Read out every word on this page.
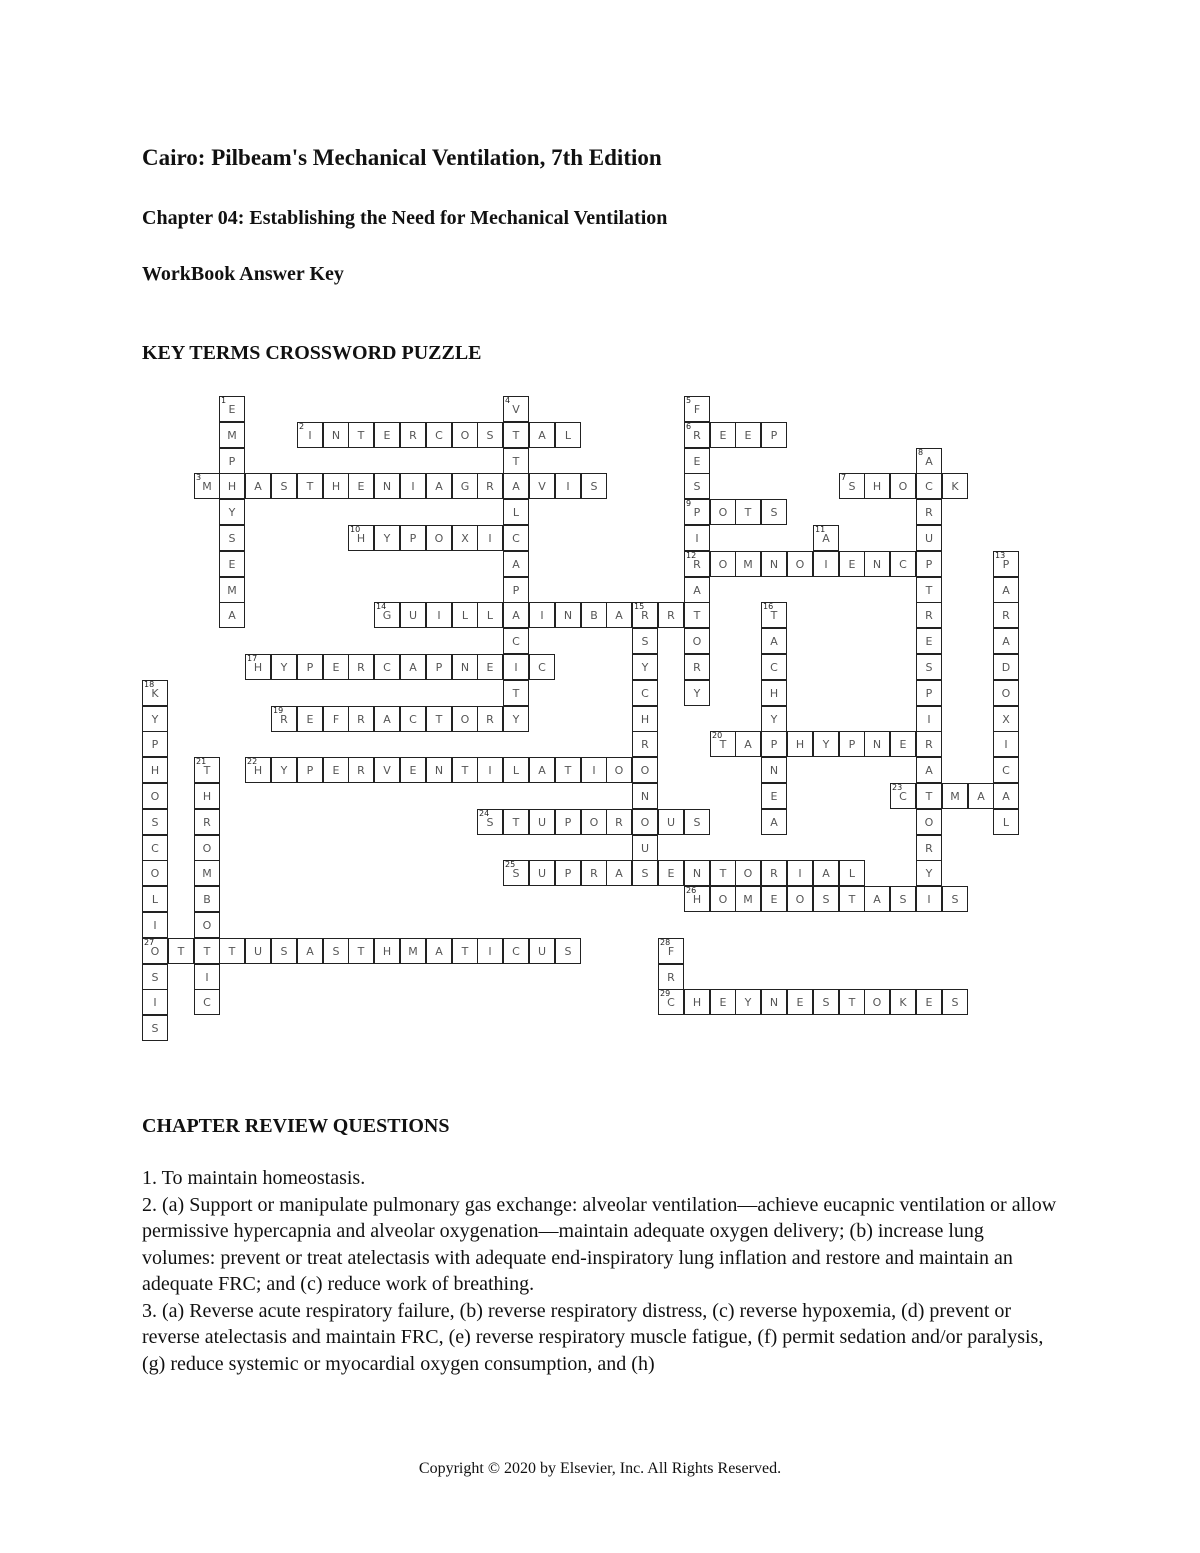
Cairo: Pilbeam's Mechanical Ventilation, 7th Edition
Chapter 04: Establishing the Need for Mechanical Ventilation
WorkBook Answer Key
KEY TERMS CROSSWORD PUZZLE
E
1
M
P
H
Y
S
E
M
A
I
2
N T E R C O S T A L
M
3
A S T H E N I A G R A V I S
V
4
T
L
C
A
P
A
C
I
T
Y
F
5
R
6
E
S
P
9
I
R
12
A
T
O
R
Y
E E P
S
7
H O C K
A
8
R
U
P
T
R
E
S
P
I
R
A
T
O
R
Y
O T S
H
10
Y P O X I	A
11
I
O M N O	E N C	P
13
A
R
A
D
O
X
I
C
A
L
G
14
U I L L	I N B A R
15
R
S
Y
C
H
R
O
N
O
U
S
T
16
A
C
H
Y
P
N
E
A
H
17
Y P E R C A P N E	C
K
18
Y
P
H
O
S
C
O
L
I
O
27
S
I
S
R
19
E F R A C T O R
T
20
A	H Y P N E
T
21
H
R
O
M
B
O
T
I
C
H
22
Y P E R V E N T I L A T I O
C
23
M A
S
24
T U P O R	U S
S
25
U P R A	E N T O R I A L
H
26
O M E O S T A S I S
T	T U S A S T H M A T I C U S	F
28
R
C
29
H E Y N E S T O K E S
CHAPTER REVIEW QUESTIONS

1. To maintain homeostasis.

2. (a) Support or manipulate pulmonary gas exchange: alveolar ventilation—achieve eucapnic ventilation or allow permissive hypercapnia and alveolar oxygenation—maintain adequate oxygen delivery; (b) increase lung volumes: prevent or treat atelectasis with adequate end-inspiratory lung inflation and restore and maintain an adequate FRC; and (c) reduce work of breathing.

3. (a) Reverse acute respiratory failure, (b) reverse respiratory distress, (c) reverse hypoxemia, (d) prevent or reverse atelectasis and maintain FRC, (e) reverse respiratory muscle fatigue, (f) permit sedation and/or paralysis, (g) reduce systemic or myocardial oxygen consumption, and (h)

Copyright © 2020 by Elsevier, Inc. All Rights Reserved.
